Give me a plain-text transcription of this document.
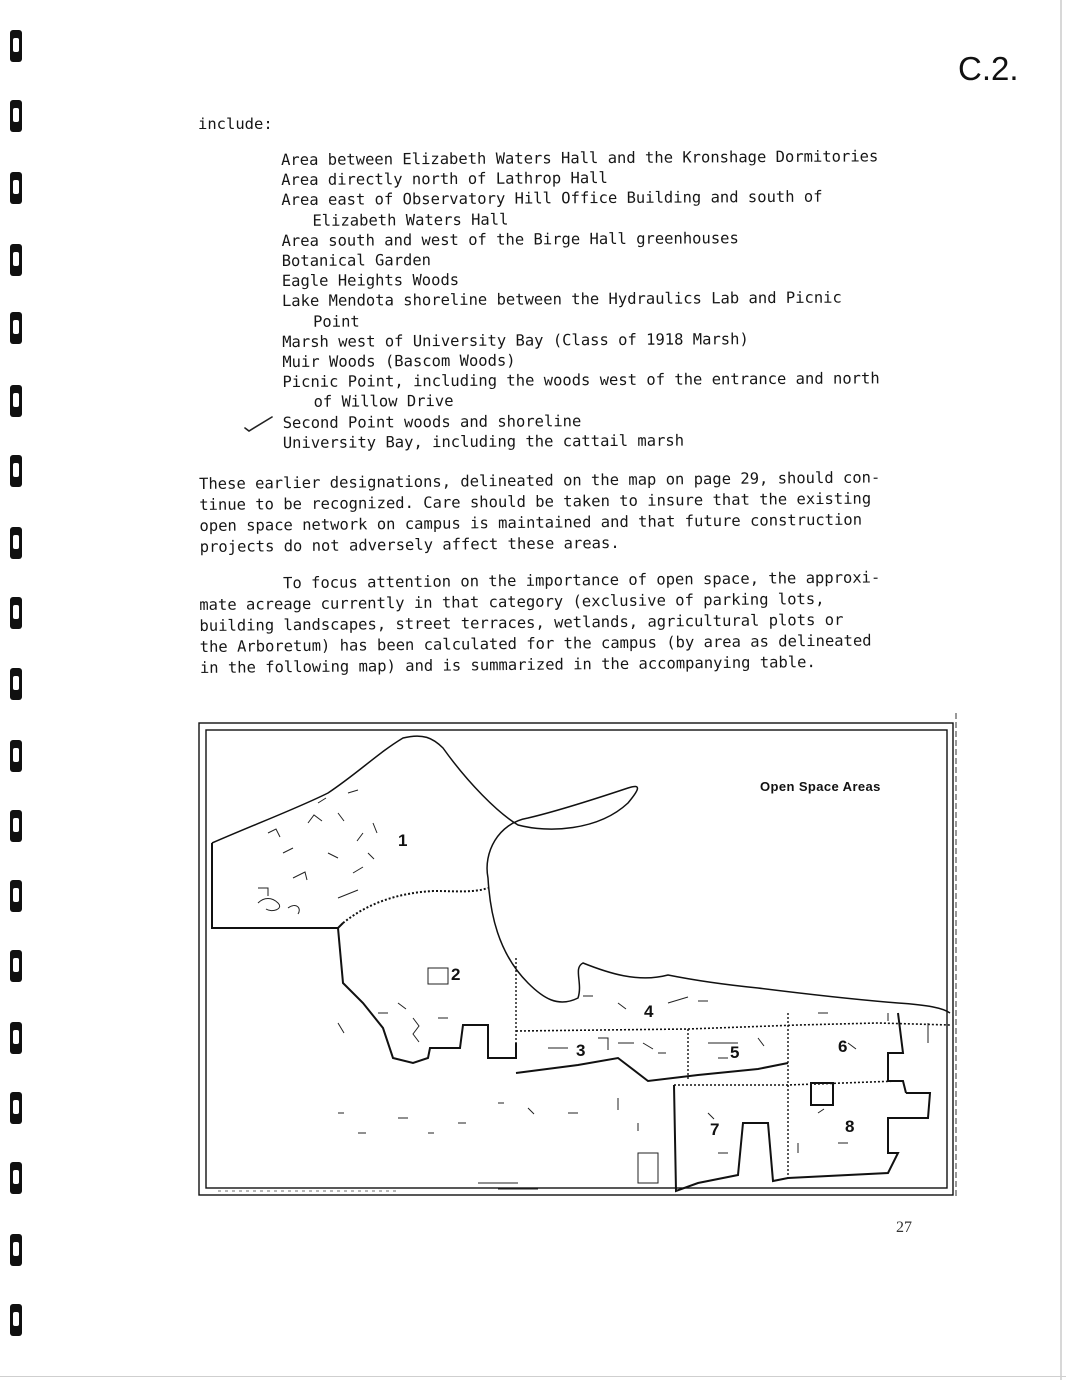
C.2.
include:
Area between Elizabeth Waters Hall and the Kronshage Dormitories
Area directly north of Lathrop Hall
Area east of Observatory Hill Office Building and south of
Elizabeth Waters Hall
Area south and west of the Birge Hall greenhouses
Botanical Garden
Eagle Heights Woods
Lake Mendota shoreline between the Hydraulics Lab and Picnic
Point
Marsh west of University Bay (Class of 1918 Marsh)
Muir Woods (Bascom Woods)
Picnic Point, including the woods west of the entrance and north
of Willow Drive
Second Point woods and shoreline
University Bay, including the cattail marsh
These earlier designations, delineated on the map on page 29, should con-
tinue to be recognized. Care should be taken to insure that the existing
open space network on campus is maintained and that future construction
projects do not adversely affect these areas.
To focus attention on the importance of open space, the approxi-
mate acreage currently in that category (exclusive of parking lots,
building landscapes, street terraces, wetlands, agricultural plots or
the Arboretum) has been calculated for the campus (by area as delineated
in the following map) and is summarized in the accompanying table.
Open Space Areas
1
2
3
4
5	6
7	8
27
